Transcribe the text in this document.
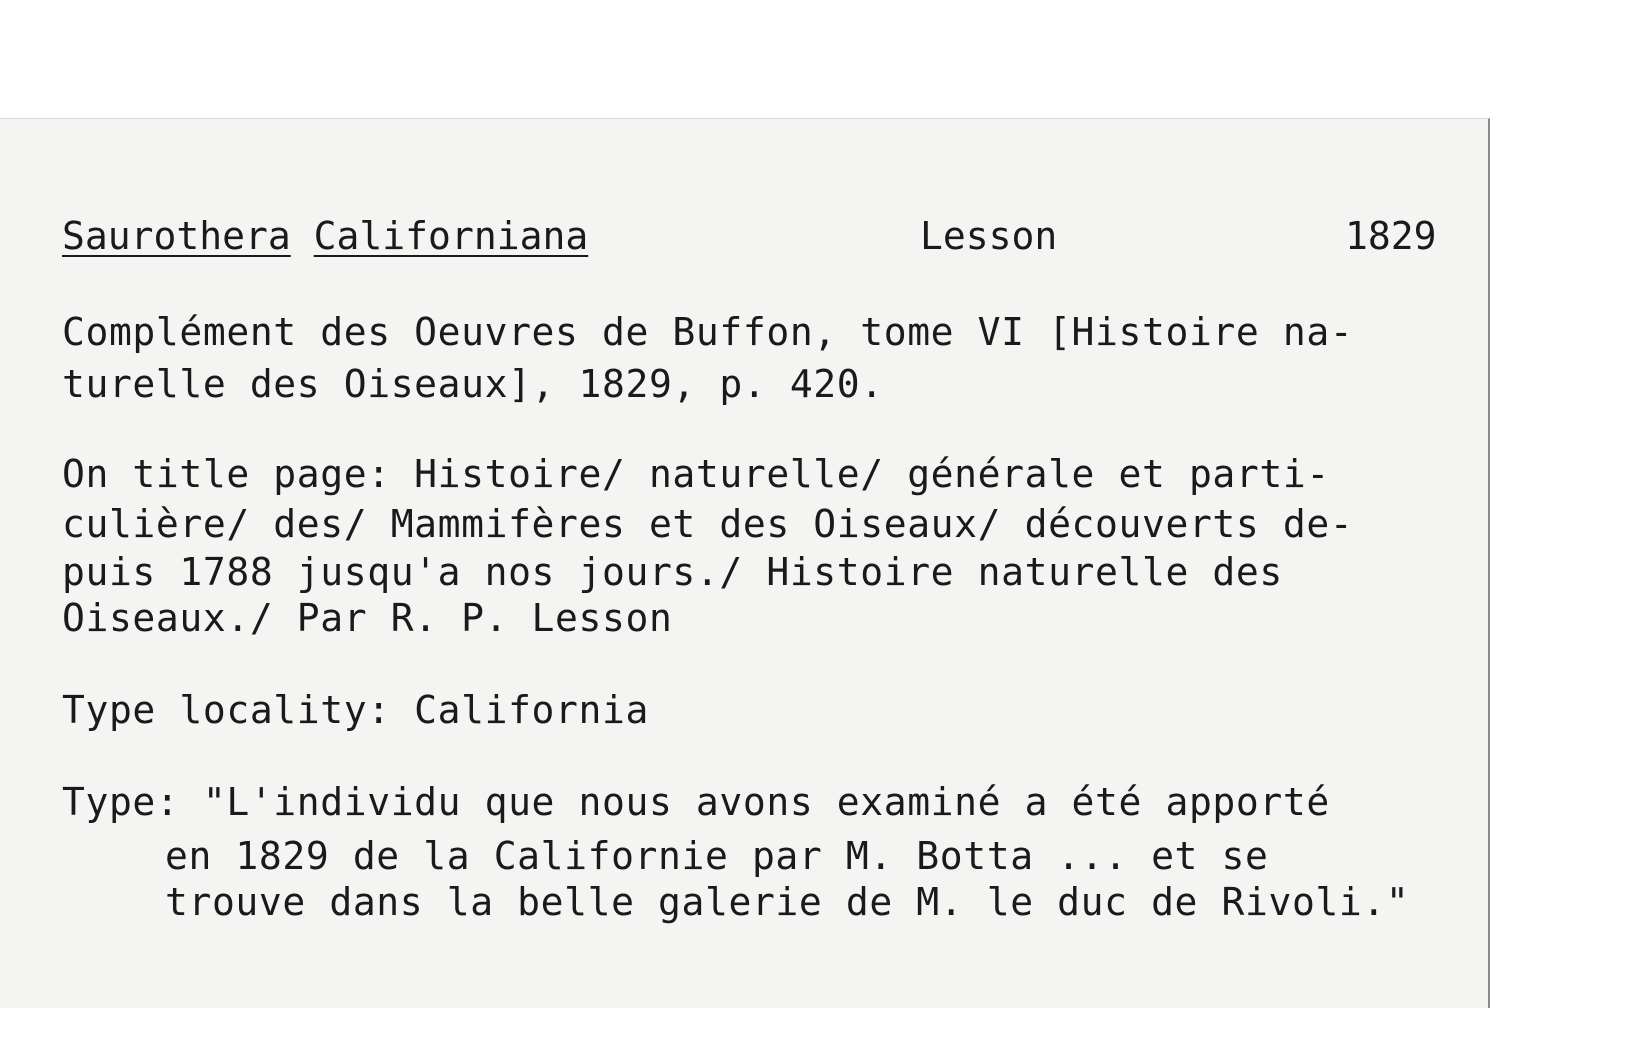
Saurothera Californiana	Lesson	1829
Complément des Oeuvres de Buffon, tome VI [Histoire na-
turelle des Oiseaux], 1829, p. 420.
On title page: Histoire/ naturelle/ générale et parti-
culière/ des/ Mammifères et des Oiseaux/ découverts de-
puis 1788 jusqu'a nos jours./ Histoire naturelle des
Oiseaux./ Par R. P. Lesson
Type locality: California
Type: "L'individu que nous avons examiné a été apporté
en 1829 de la Californie par M. Botta ... et se
trouve dans la belle galerie de M. le duc de Rivoli."
